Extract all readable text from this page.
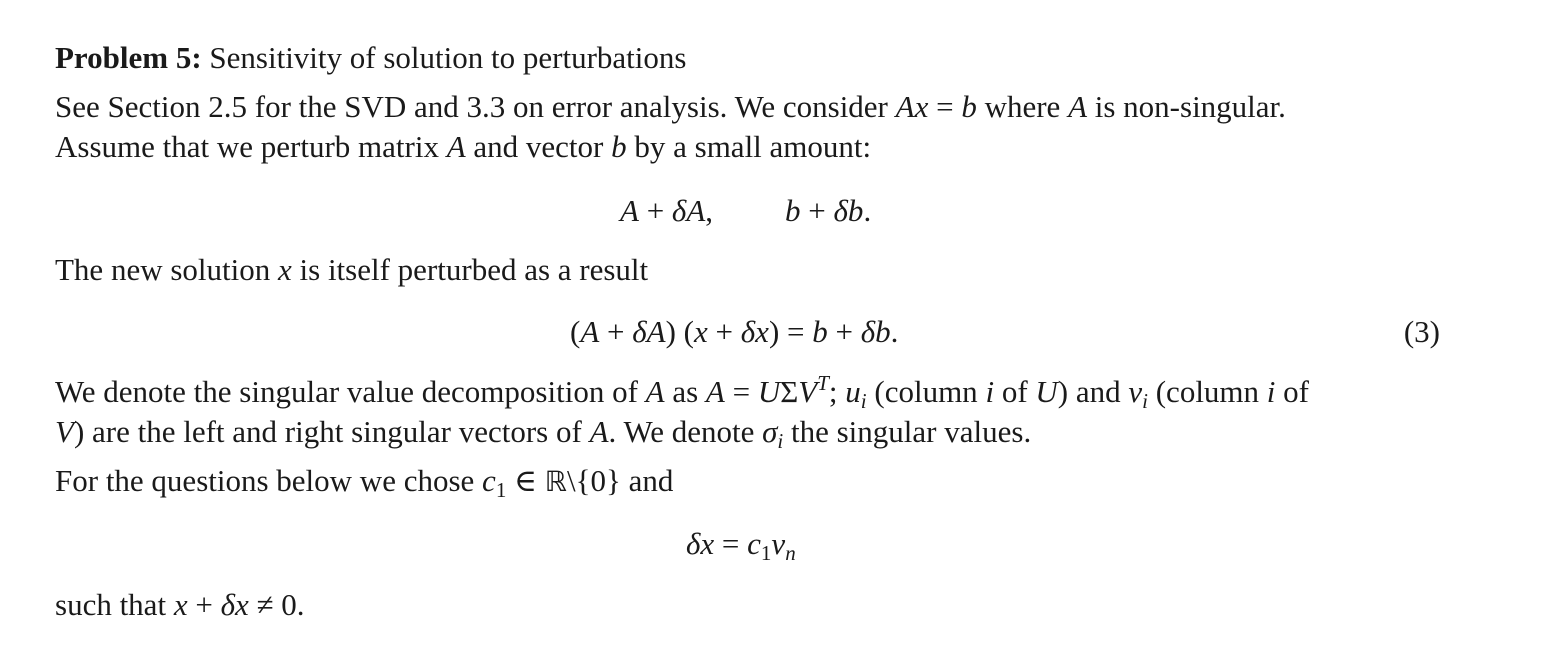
Problem 5: Sensitivity of solution to perturbations
See Section 2.5 for the SVD and 3.3 on error analysis. We consider Ax = b where A is non-singular.
Assume that we perturb matrix A and vector b by a small amount:
A + δA, b + δb.
The new solution x is itself perturbed as a result
(A + δA) (x + δx) = b + δb.	(3)
We denote the singular value decomposition of A as $A = U\Sigma V^T$; $u_i$ (column i of U) and $v_i$ (column i of
V) are the left and right singular vectors of A. We denote $\sigma_i$ the singular values.
For the questions below we chose $c_1$ ∈ ℝ\{0} and
$\delta x = c_1v_n$
such that x + δx ≠ 0.
